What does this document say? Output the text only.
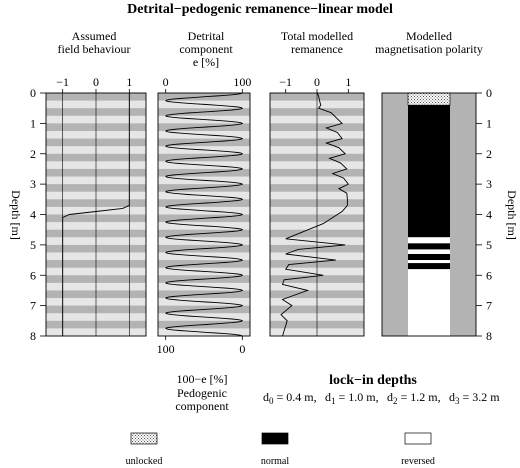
Detrital−pedogenic remanence−linear model
Assumed
field behaviour
Detrital
component
e [%]
Total modelled
remanence
Modelled
magnetisation polarity
Depth [m]	Depth [m]
−1 0 1	0	100
100	0
−1 0 1
0	0
1	1
2	2
3	3
4	4
5	5
6	6
7	7
8	8
100−e [%]
Pedogenic
component
lock−in depths
$d_0 = 0.4$ m, $d_1 = 1.0$ m, $d_2 = 1.2$ m, $d_3 = 3.2$ m
unlocked	normal	reversed
